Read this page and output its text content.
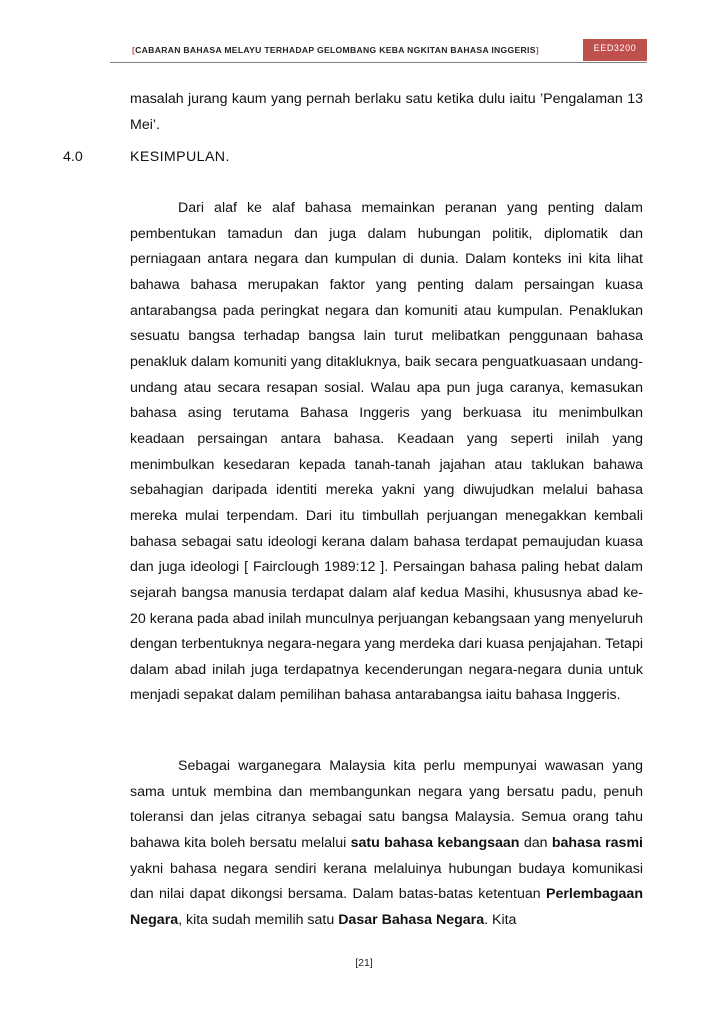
[CABARAN BAHASA MELAYU TERHADAP GELOMBANG KEBA NGKITAN BAHASA INGGERIS]	EED3200
masalah jurang kaum yang pernah berlaku satu ketika dulu iaitu ’Pengalaman 13 Mei’.
4.0	KESIMPULAN.
Dari alaf ke alaf bahasa memainkan peranan yang penting dalam pembentukan tamadun dan juga dalam hubungan politik, diplomatik dan perniagaan antara negara dan kumpulan di dunia. Dalam konteks ini kita lihat bahawa bahasa merupakan faktor yang penting dalam persaingan kuasa antarabangsa pada peringkat negara dan komuniti atau kumpulan. Penaklukan sesuatu bangsa terhadap bangsa lain turut melibatkan penggunaan bahasa penakluk dalam komuniti yang ditakluknya, baik secara penguatkuasaan undang-undang atau secara resapan sosial. Walau apa pun juga caranya, kemasukan bahasa asing terutama Bahasa Inggeris yang berkuasa itu menimbulkan keadaan persaingan antara bahasa. Keadaan yang seperti inilah yang menimbulkan kesedaran kepada tanah-tanah jajahan atau taklukan bahawa sebahagian daripada identiti mereka yakni yang diwujudkan melalui bahasa mereka mulai terpendam. Dari itu timbullah perjuangan menegakkan kembali bahasa sebagai satu ideologi kerana dalam bahasa terdapat pemaujudan kuasa dan juga ideologi [ Fairclough 1989:12 ]. Persaingan bahasa paling hebat dalam sejarah bangsa manusia terdapat dalam alaf kedua Masihi, khususnya abad ke-20 kerana pada abad inilah munculnya perjuangan kebangsaan yang menyeluruh dengan terbentuknya negara-negara yang merdeka dari kuasa penjajahan. Tetapi dalam abad inilah juga terdapatnya kecenderungan negara-negara dunia untuk menjadi sepakat dalam pemilihan bahasa antarabangsa iaitu bahasa Inggeris.
Sebagai warganegara Malaysia kita perlu mempunyai wawasan yang sama untuk membina dan membangunkan negara yang bersatu padu, penuh toleransi dan jelas citranya sebagai satu bangsa Malaysia. Semua orang tahu bahawa kita boleh bersatu melalui satu bahasa kebangsaan dan bahasa rasmi yakni bahasa negara sendiri kerana melaluinya hubungan budaya komunikasi dan nilai dapat dikongsi bersama. Dalam batas-batas ketentuan Perlembagaan Negara, kita sudah memilih satu Dasar Bahasa Negara. Kita
[21]
